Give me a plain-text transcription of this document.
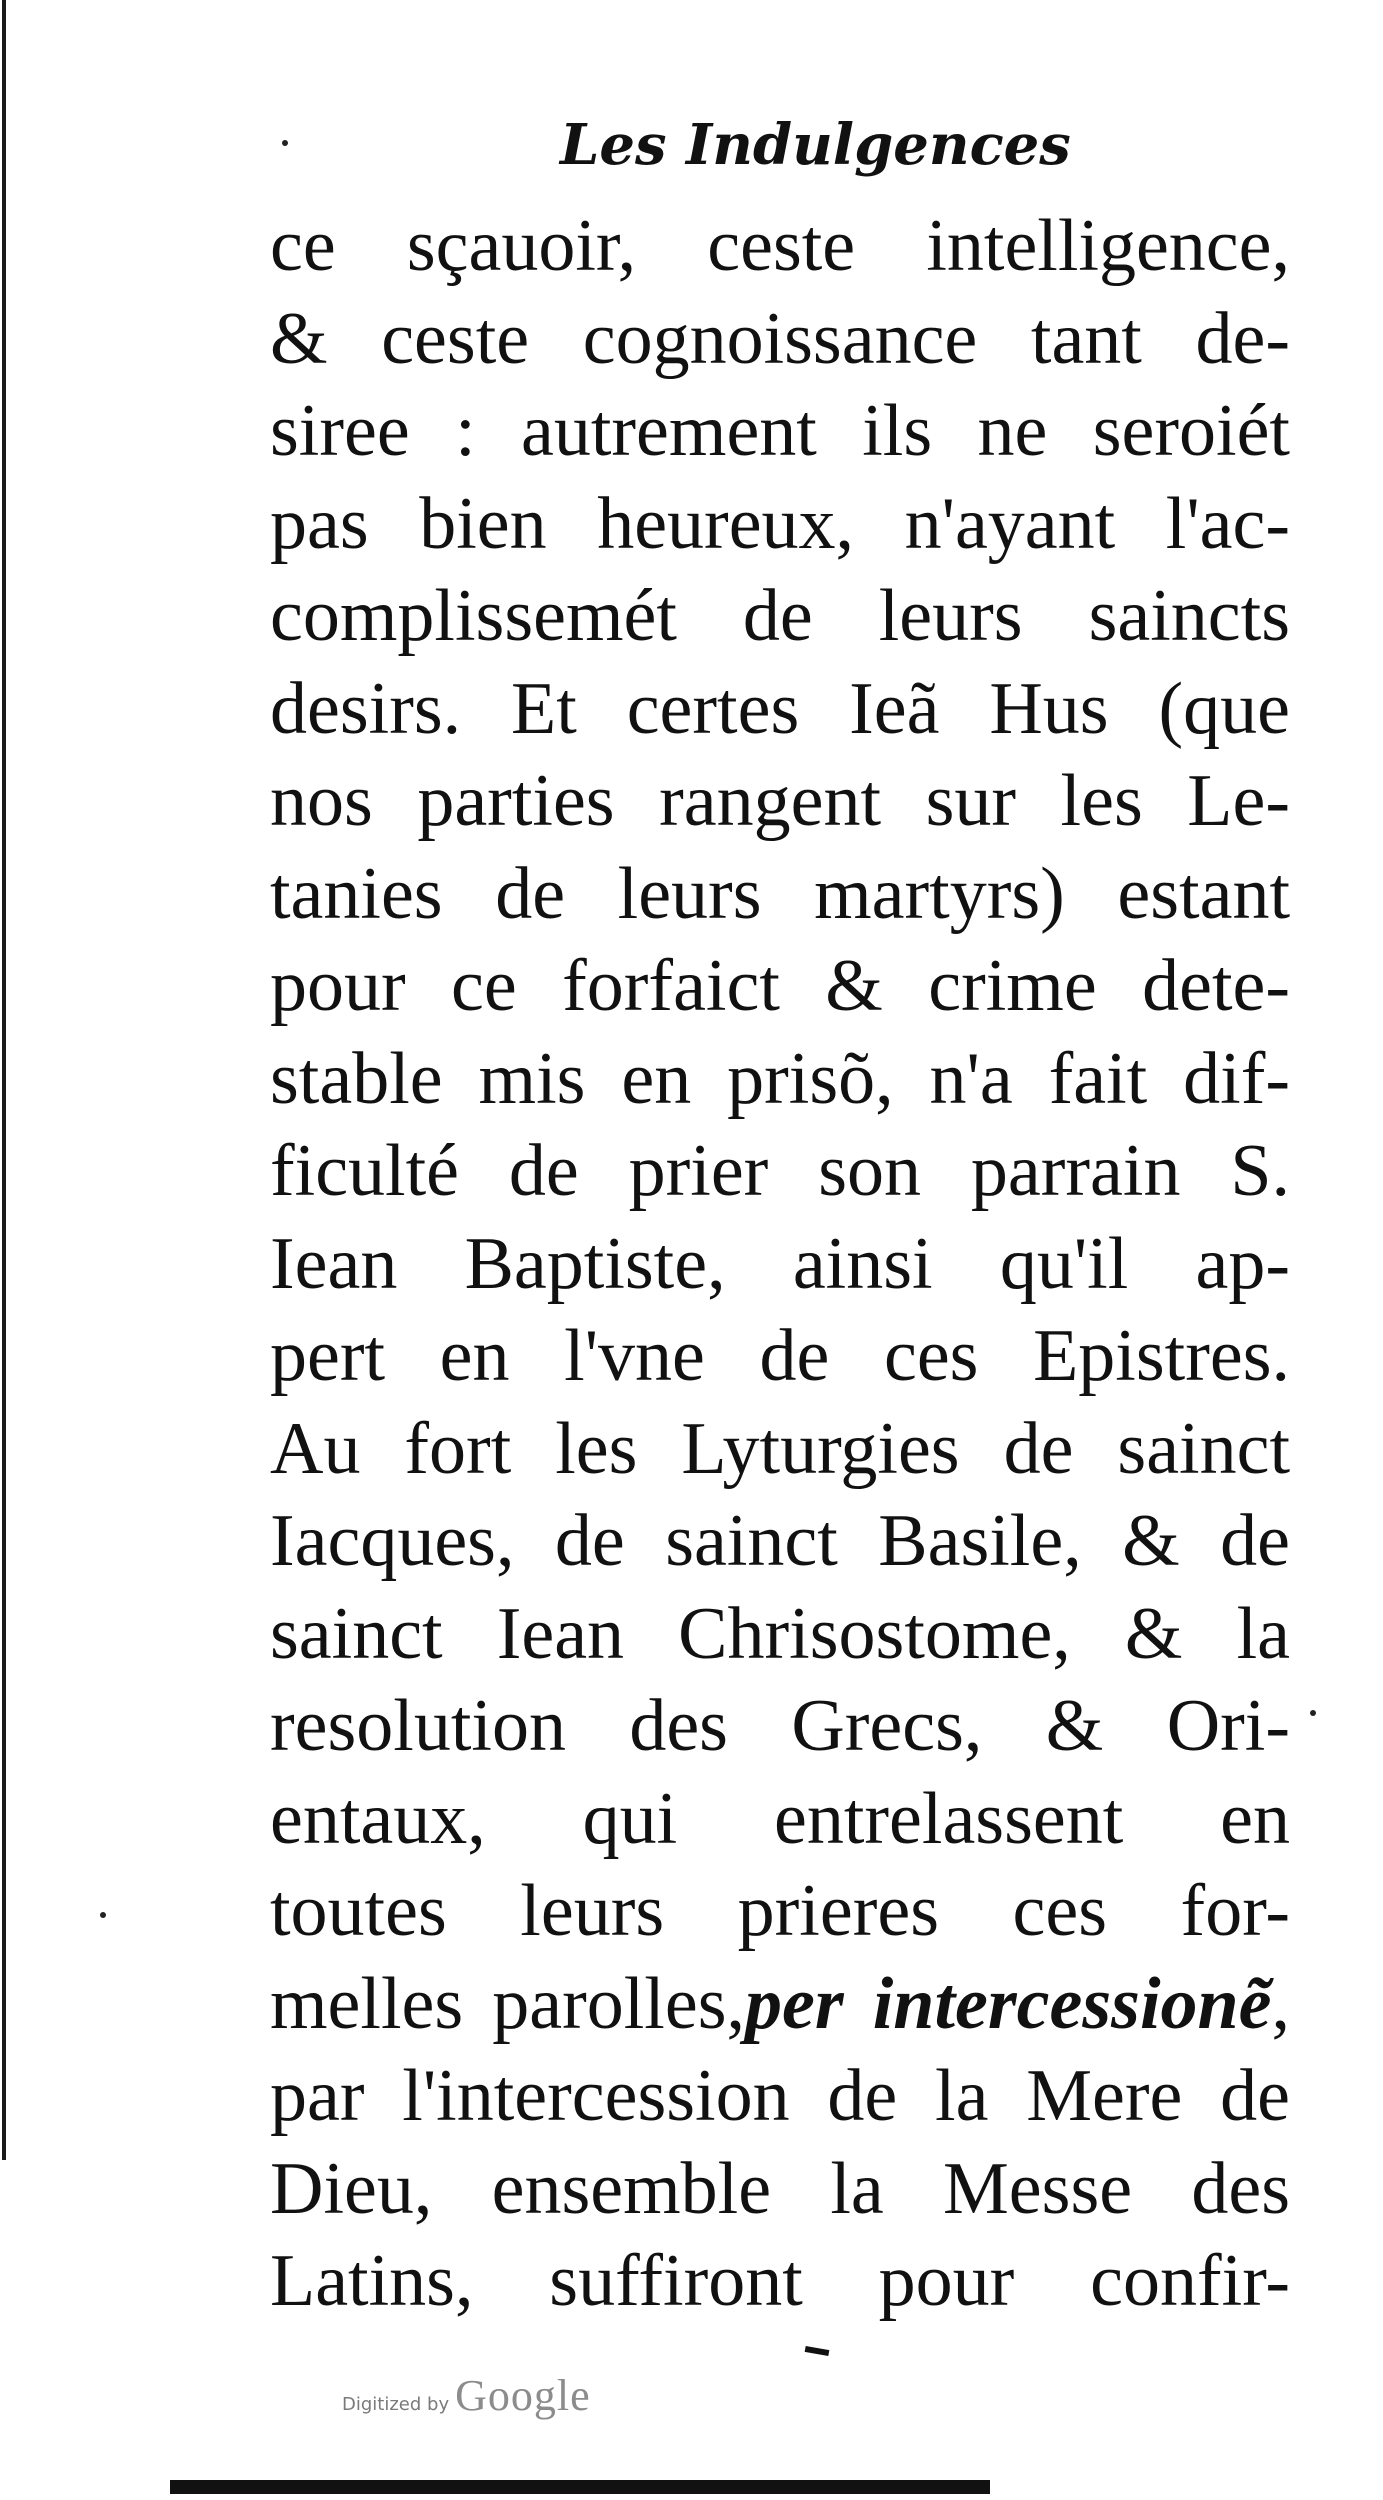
Les Indulgences
ce sçauoir, ceste intelligence,
& ceste cognoissance tant de-
siree : autrement ils ne seroiét
pas bien heureux, n'ayant l'ac-
complissemét de leurs saincts
desirs. Et certes Ieã Hus (que
nos parties rangent sur les Le-
tanies de leurs martyrs) estant
pour ce forfaict & crime dete-
stable mis en prisõ, n'a fait dif-
ficulté de prier son parrain S.
Iean Baptiste, ainsi qu'il ap-
pert en l'vne de ces Epistres.
Au fort les Lyturgies de sainct
Iacques, de sainct Basile, & de
sainct Iean Chrisostome, & la
resolution des Grecs, & Ori-
entaux, qui entrelassent en
toutes leurs prieres ces for-
melles parolles,per intercessionẽ,
par l'intercession de la Mere de
Dieu, ensemble la Messe des
Latins, suffiront pour confir-
Digitized by Google
